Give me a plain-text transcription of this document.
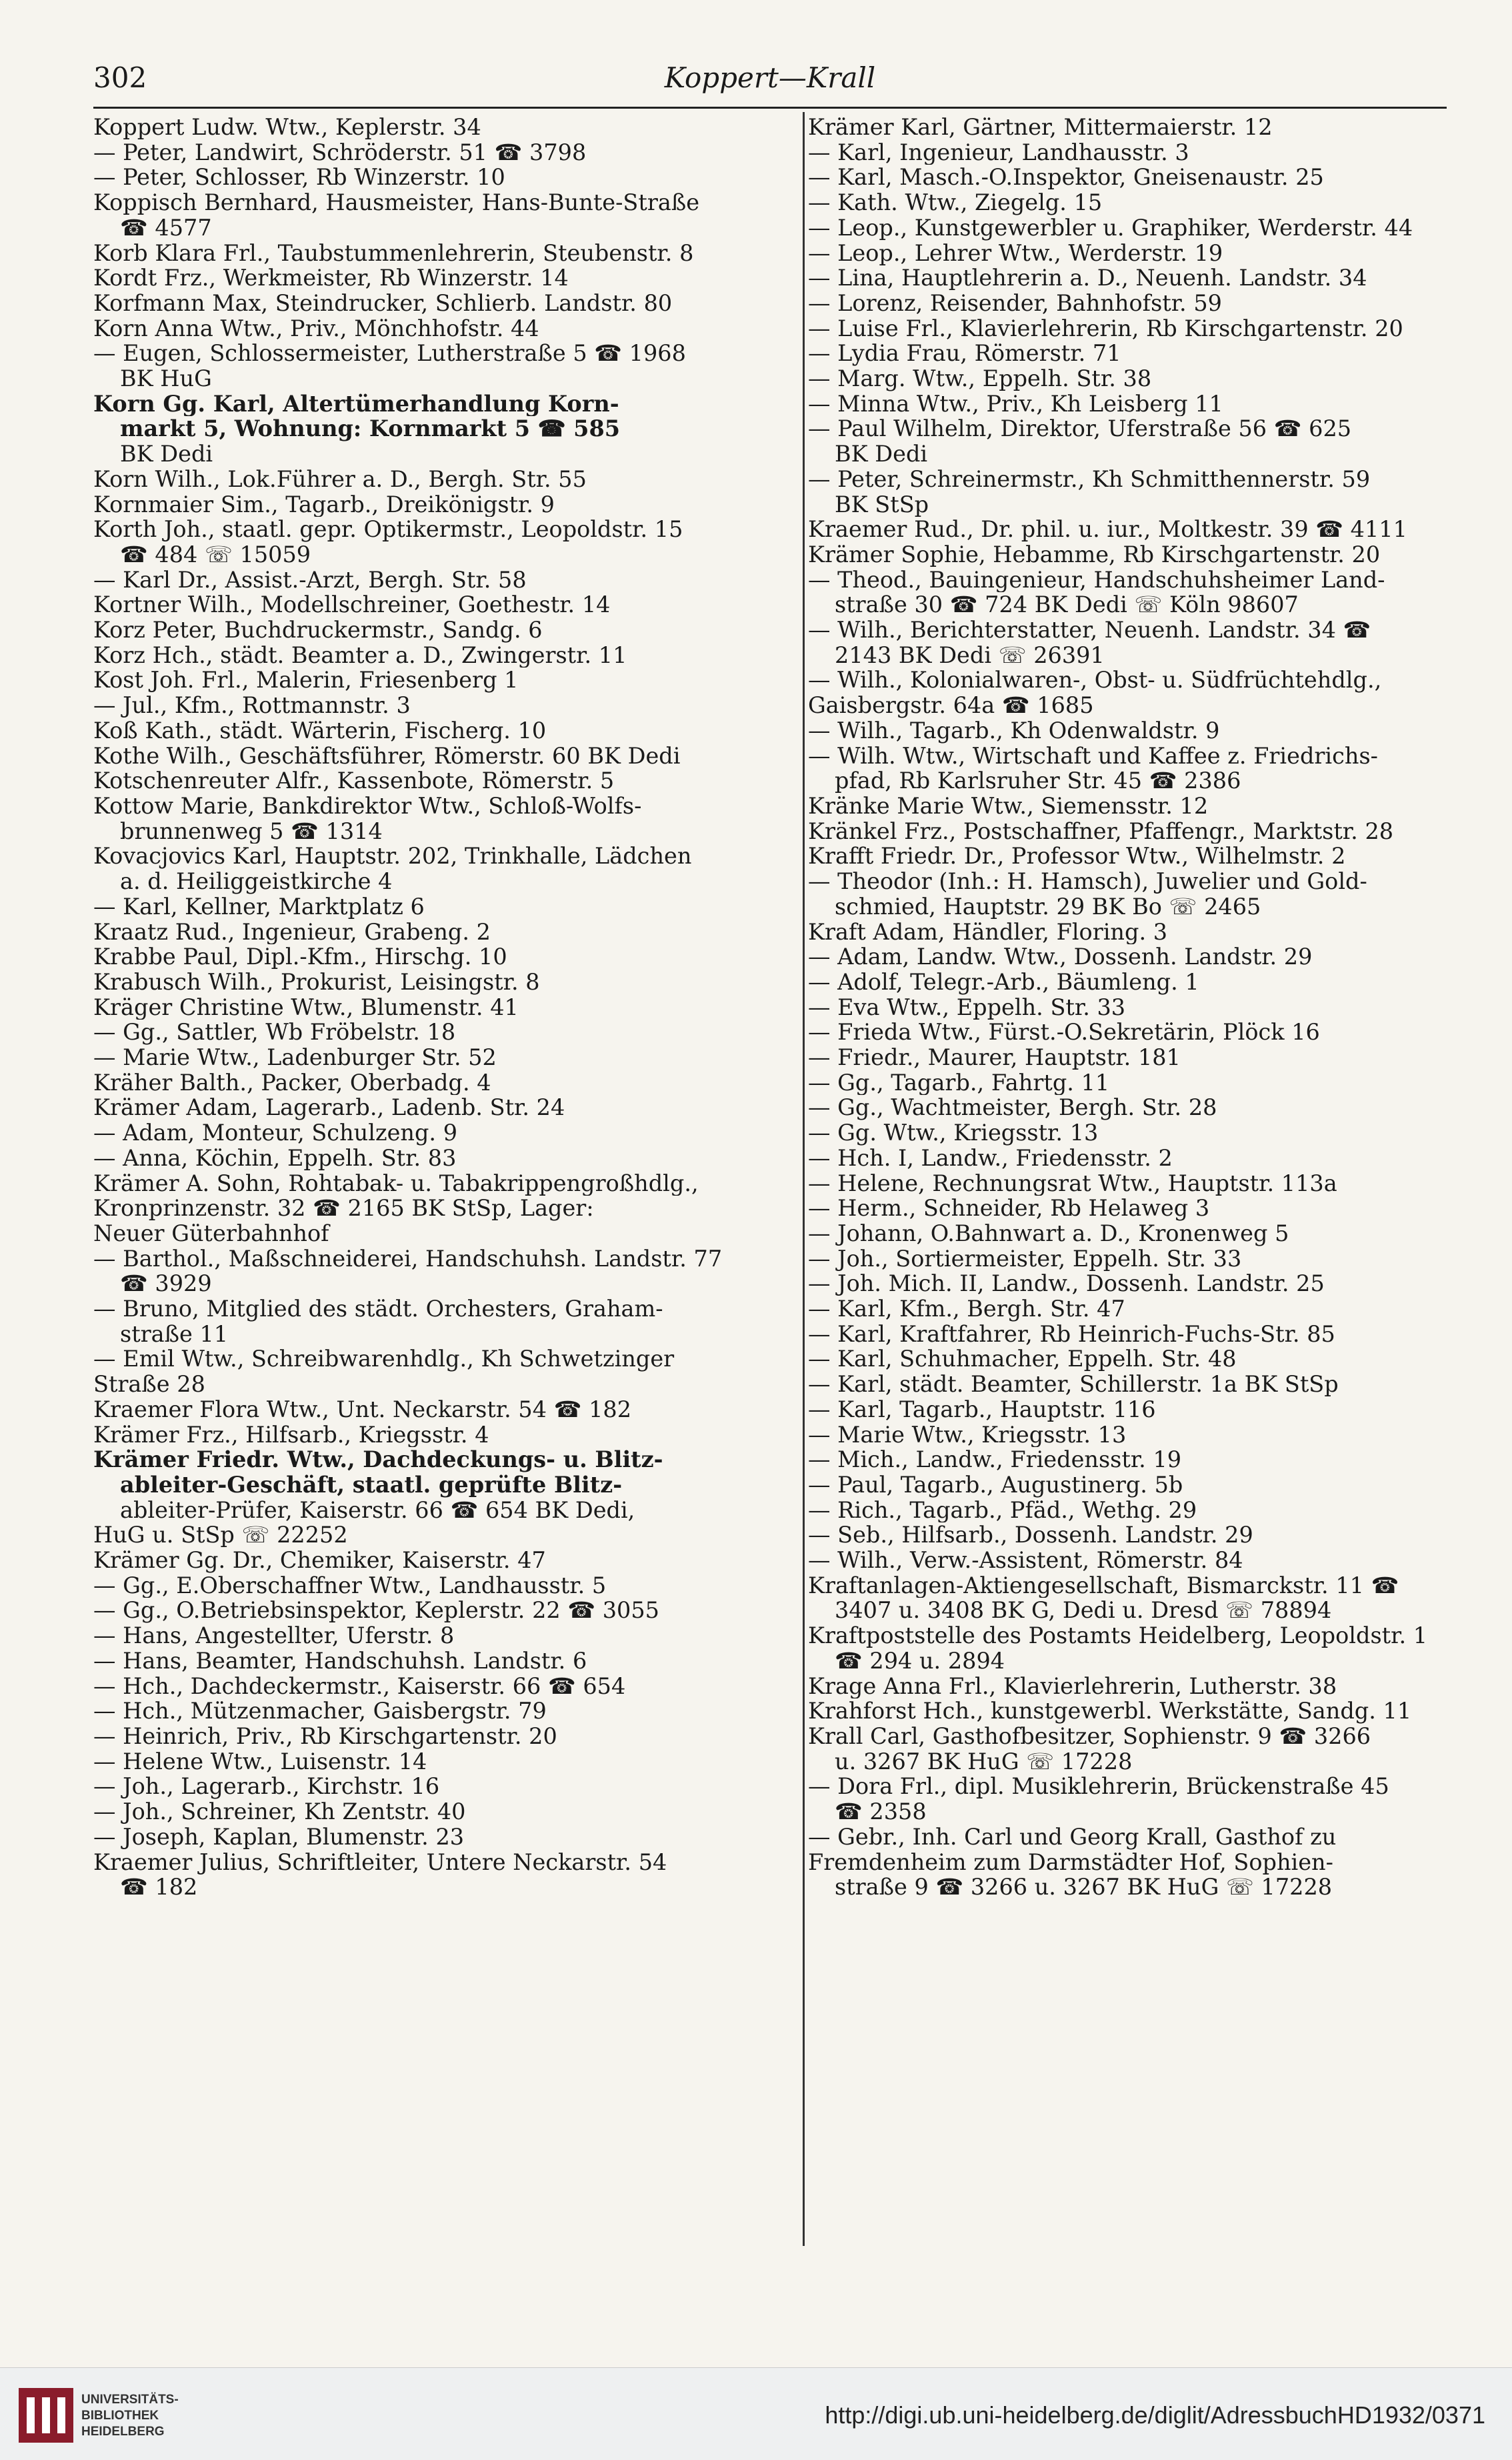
Koppert—Krall
302
Koppert Ludw. Wtw., Keplerstr. 34
— Peter, Landwirt, Schröderstr. 51 ☎ 3798
— Peter, Schlosser, Rb Winzerstr. 10
Koppisch Bernhard, Hausmeister, Hans-Bunte-Straße
☎ 4577
Korb Klara Frl., Taubstummenlehrerin, Steubenstr. 8
Kordt Frz., Werkmeister, Rb Winzerstr. 14
Korfmann Max, Steindrucker, Schlierb. Landstr. 80
Korn Anna Wtw., Priv., Mönchhofstr. 44
— Eugen, Schlossermeister, Lutherstraße 5 ☎ 1968
BK HuG
Korn Gg. Karl, Altertümerhandlung Korn-
markt 5, Wohnung: Kornmarkt 5 ☎ 585
BK Dedi
Korn Wilh., Lok.Führer a. D., Bergh. Str. 55
Kornmaier Sim., Tagarb., Dreikönigstr. 9
Korth Joh., staatl. gepr. Optikermstr., Leopoldstr. 15
☎ 484 ☏ 15059
— Karl Dr., Assist.-Arzt, Bergh. Str. 58
Kortner Wilh., Modellschreiner, Goethestr. 14
Korz Peter, Buchdruckermstr., Sandg. 6
Korz Hch., städt. Beamter a. D., Zwingerstr. 11
Kost Joh. Frl., Malerin, Friesenberg 1
— Jul., Kfm., Rottmannstr. 3
Koß Kath., städt. Wärterin, Fischerg. 10
Kothe Wilh., Geschäftsführer, Römerstr. 60 BK Dedi
Kotschenreuter Alfr., Kassenbote, Römerstr. 5
Kottow Marie, Bankdirektor Wtw., Schloß-Wolfs-
brunnenweg 5 ☎ 1314
Kovacjovics Karl, Hauptstr. 202, Trinkhalle, Lädchen
a. d. Heiliggeistkirche 4
— Karl, Kellner, Marktplatz 6
Kraatz Rud., Ingenieur, Grabeng. 2
Krabbe Paul, Dipl.-Kfm., Hirschg. 10
Krabusch Wilh., Prokurist, Leisingstr. 8
Kräger Christine Wtw., Blumenstr. 41
— Gg., Sattler, Wb Fröbelstr. 18
— Marie Wtw., Ladenburger Str. 52
Kräher Balth., Packer, Oberbadg. 4
Krämer Adam, Lagerarb., Ladenb. Str. 24
— Adam, Monteur, Schulzeng. 9
— Anna, Köchin, Eppelh. Str. 83
Krämer A. Sohn, Rohtabak- u. Tabakrippengroßhdlg.,
Kronprinzenstr. 32 ☎ 2165 BK StSp, Lager:
Neuer Güterbahnhof
— Barthol., Maßschneiderei, Handschuhsh. Landstr. 77
☎ 3929
— Bruno, Mitglied des städt. Orchesters, Graham-
straße 11
— Emil Wtw., Schreibwarenhdlg., Kh Schwetzinger
Straße 28
Kraemer Flora Wtw., Unt. Neckarstr. 54 ☎ 182
Krämer Frz., Hilfsarb., Kriegsstr. 4
Krämer Friedr. Wtw., Dachdeckungs- u. Blitz-
ableiter-Geschäft, staatl. geprüfte Blitz-
ableiter-Prüfer, Kaiserstr. 66 ☎ 654 BK Dedi,
HuG u. StSp ☏ 22252
Krämer Gg. Dr., Chemiker, Kaiserstr. 47
— Gg., E.Oberschaffner Wtw., Landhausstr. 5
— Gg., O.Betriebsinspektor, Keplerstr. 22 ☎ 3055
— Hans, Angestellter, Uferstr. 8
— Hans, Beamter, Handschuhsh. Landstr. 6
— Hch., Dachdeckermstr., Kaiserstr. 66 ☎ 654
— Hch., Mützenmacher, Gaisbergstr. 79
— Heinrich, Priv., Rb Kirschgartenstr. 20
— Helene Wtw., Luisenstr. 14
— Joh., Lagerarb., Kirchstr. 16
— Joh., Schreiner, Kh Zentstr. 40
— Joseph, Kaplan, Blumenstr. 23
Kraemer Julius, Schriftleiter, Untere Neckarstr. 54
☎ 182
Krämer Karl, Gärtner, Mittermaierstr. 12
— Karl, Ingenieur, Landhausstr. 3
— Karl, Masch.-O.Inspektor, Gneisenaustr. 25
— Kath. Wtw., Ziegelg. 15
— Leop., Kunstgewerbler u. Graphiker, Werderstr. 44
— Leop., Lehrer Wtw., Werderstr. 19
— Lina, Hauptlehrerin a. D., Neuenh. Landstr. 34
— Lorenz, Reisender, Bahnhofstr. 59
— Luise Frl., Klavierlehrerin, Rb Kirschgartenstr. 20
— Lydia Frau, Römerstr. 71
— Marg. Wtw., Eppelh. Str. 38
— Minna Wtw., Priv., Kh Leisberg 11
— Paul Wilhelm, Direktor, Uferstraße 56 ☎ 625
BK Dedi
— Peter, Schreinermstr., Kh Schmitthennerstr. 59
BK StSp
Kraemer Rud., Dr. phil. u. iur., Moltkestr. 39 ☎ 4111
Krämer Sophie, Hebamme, Rb Kirschgartenstr. 20
— Theod., Bauingenieur, Handschuhsheimer Land-
straße 30 ☎ 724 BK Dedi ☏ Köln 98607
— Wilh., Berichterstatter, Neuenh. Landstr. 34 ☎
2143 BK Dedi ☏ 26391
— Wilh., Kolonialwaren-, Obst- u. Südfrüchtehdlg.,
Gaisbergstr. 64a ☎ 1685
— Wilh., Tagarb., Kh Odenwaldstr. 9
— Wilh. Wtw., Wirtschaft und Kaffee z. Friedrichs-
pfad, Rb Karlsruher Str. 45 ☎ 2386
Kränke Marie Wtw., Siemensstr. 12
Kränkel Frz., Postschaffner, Pfaffengr., Marktstr. 28
Krafft Friedr. Dr., Professor Wtw., Wilhelmstr. 2
— Theodor (Inh.: H. Hamsch), Juwelier und Gold-
schmied, Hauptstr. 29 BK Bo ☏ 2465
Kraft Adam, Händler, Floring. 3
— Adam, Landw. Wtw., Dossenh. Landstr. 29
— Adolf, Telegr.-Arb., Bäumleng. 1
— Eva Wtw., Eppelh. Str. 33
— Frieda Wtw., Fürst.-O.Sekretärin, Plöck 16
— Friedr., Maurer, Hauptstr. 181
— Gg., Tagarb., Fahrtg. 11
— Gg., Wachtmeister, Bergh. Str. 28
— Gg. Wtw., Kriegsstr. 13
— Hch. I, Landw., Friedensstr. 2
— Helene, Rechnungsrat Wtw., Hauptstr. 113a
— Herm., Schneider, Rb Helaweg 3
— Johann, O.Bahnwart a. D., Kronenweg 5
— Joh., Sortiermeister, Eppelh. Str. 33
— Joh. Mich. II, Landw., Dossenh. Landstr. 25
— Karl, Kfm., Bergh. Str. 47
— Karl, Kraftfahrer, Rb Heinrich-Fuchs-Str. 85
— Karl, Schuhmacher, Eppelh. Str. 48
— Karl, städt. Beamter, Schillerstr. 1a BK StSp
— Karl, Tagarb., Hauptstr. 116
— Marie Wtw., Kriegsstr. 13
— Mich., Landw., Friedensstr. 19
— Paul, Tagarb., Augustinerg. 5b
— Rich., Tagarb., Pfäd., Wethg. 29
— Seb., Hilfsarb., Dossenh. Landstr. 29
— Wilh., Verw.-Assistent, Römerstr. 84
Kraftanlagen-Aktiengesellschaft, Bismarckstr. 11 ☎
3407 u. 3408 BK G, Dedi u. Dresd ☏ 78894
Kraftpoststelle des Postamts Heidelberg, Leopoldstr. 1
☎ 294 u. 2894
Krage Anna Frl., Klavierlehrerin, Lutherstr. 38
Krahforst Hch., kunstgewerbl. Werkstätte, Sandg. 11
Krall Carl, Gasthofbesitzer, Sophienstr. 9 ☎ 3266
u. 3267 BK HuG ☏ 17228
— Dora Frl., dipl. Musiklehrerin, Brückenstraße 45
☎ 2358
— Gebr., Inh. Carl und Georg Krall, Gasthof zu
Fremdenheim zum Darmstädter Hof, Sophien-
straße 9 ☎ 3266 u. 3267 BK HuG ☏ 17228
UNIVERSITÄTS-
BIBLIOTHEK
HEIDELBERG
http://digi.ub.uni-heidelberg.de/diglit/AdressbuchHD1932/0371
